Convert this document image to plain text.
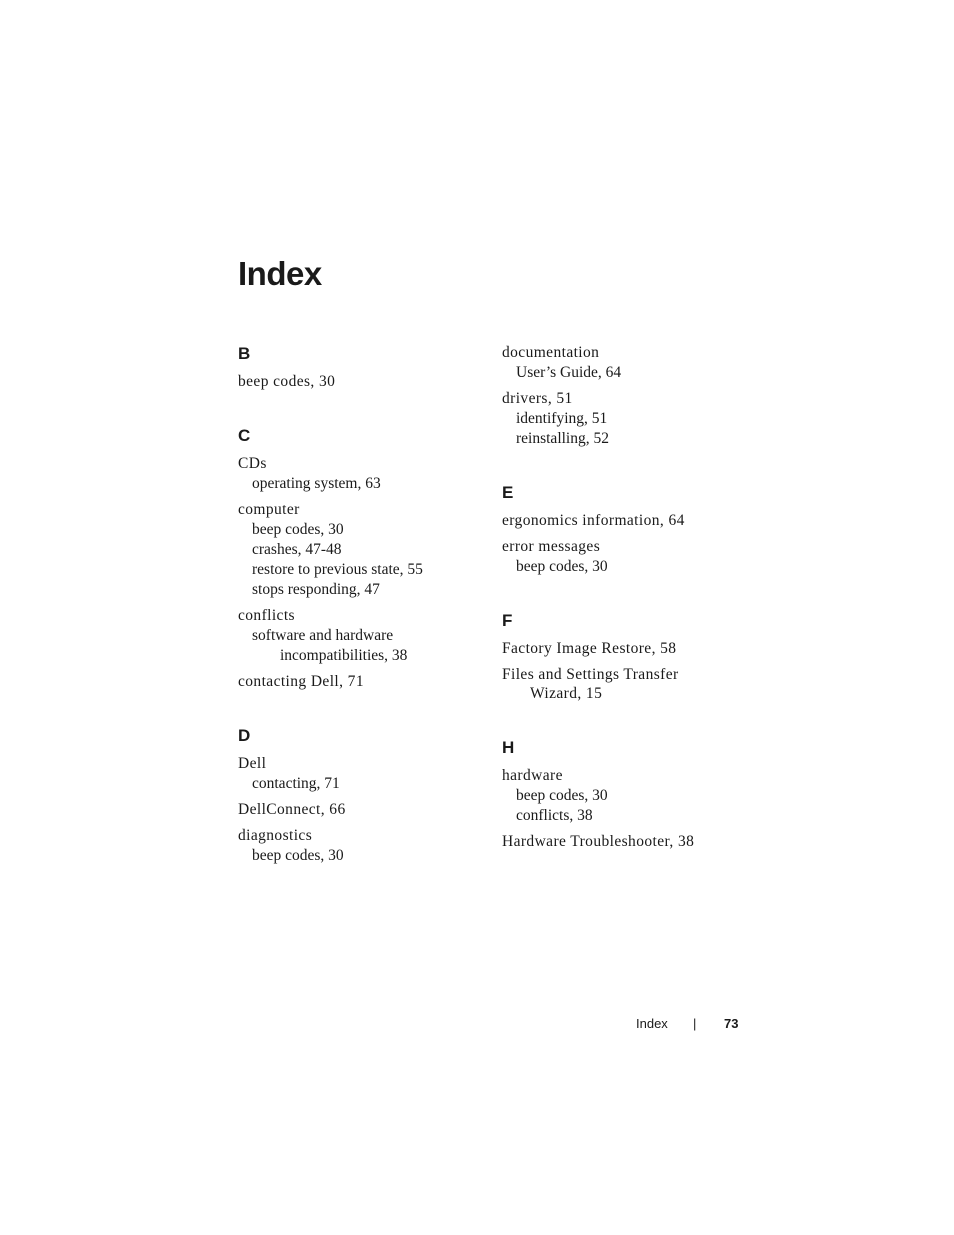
Index
B
beep codes, 30
C
CDs
operating system, 63
computer
beep codes, 30
crashes, 47-48
restore to previous state, 55
stops responding, 47
conflicts
software and hardware
incompatibilities, 38
contacting Dell, 71
D
Dell
contacting, 71
DellConnect, 66
diagnostics
beep codes, 30
documentation
User’s Guide, 64
drivers, 51
identifying, 51
reinstalling, 52
E
ergonomics information, 64
error messages
beep codes, 30
F
Factory Image Restore, 58
Files and Settings Transfer
Wizard, 15
H
hardware
beep codes, 30
conflicts, 38
Hardware Troubleshooter, 38
Index | 73
